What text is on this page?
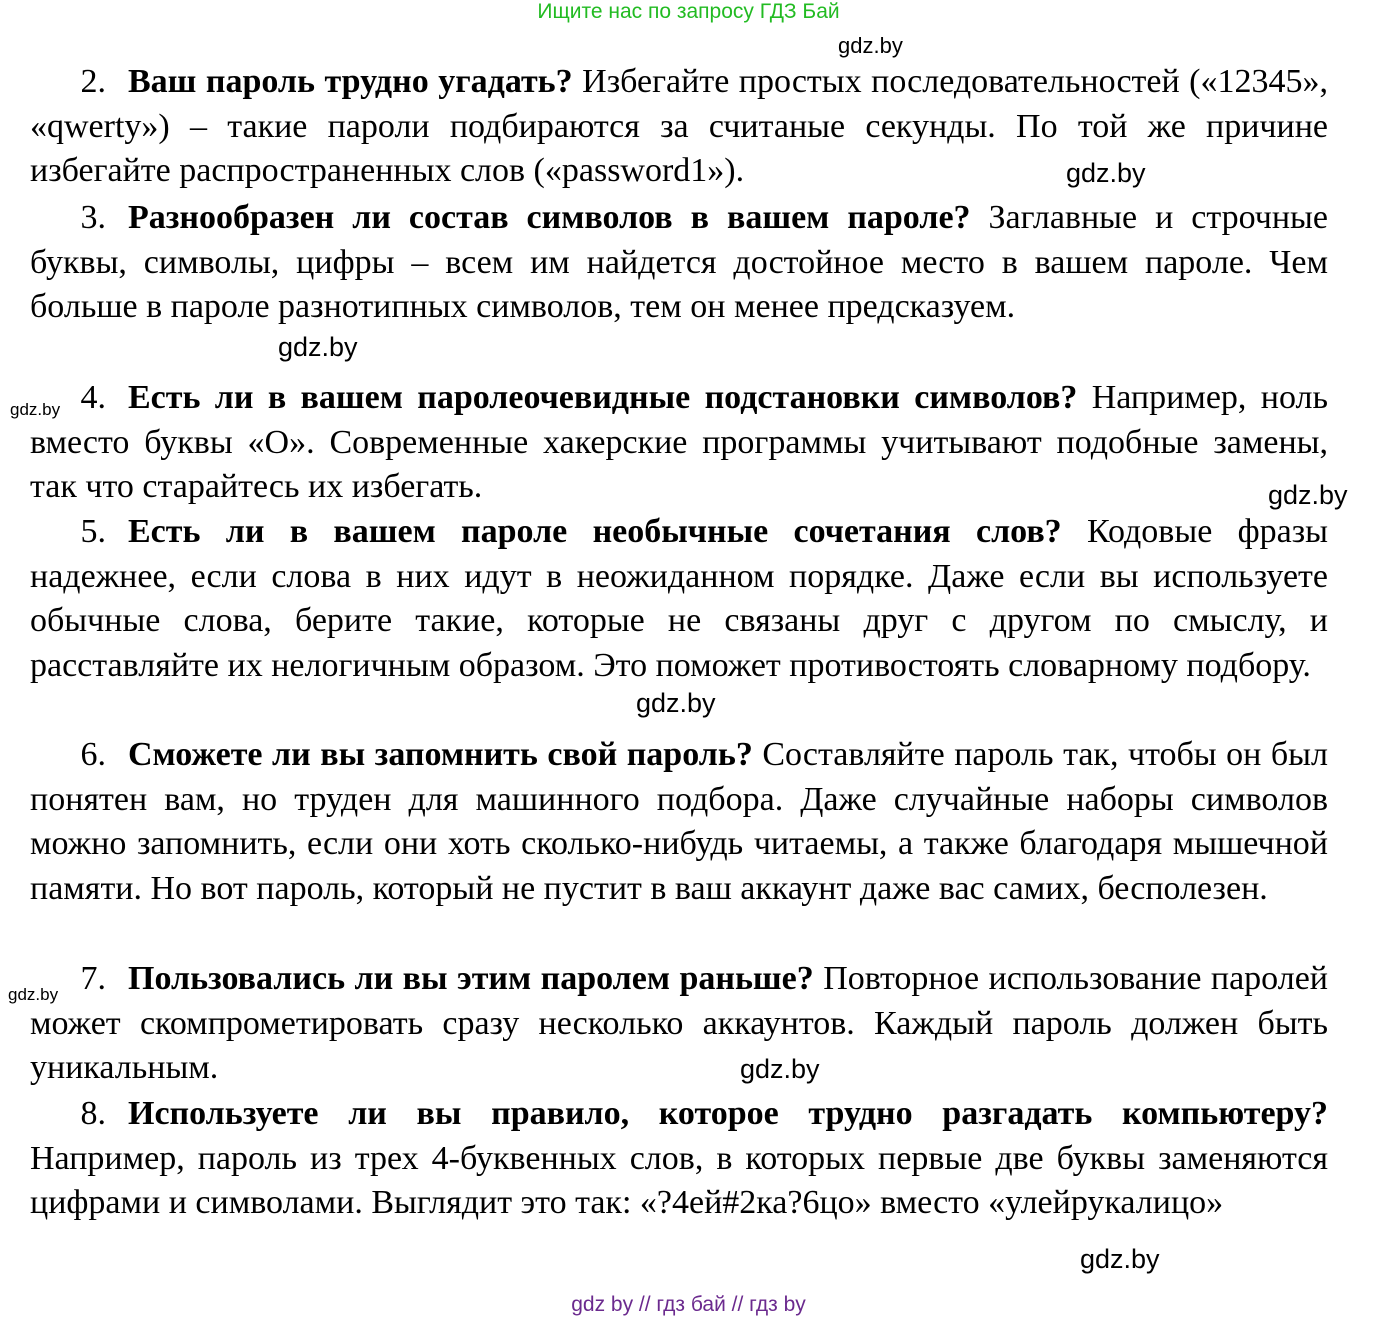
Ищите нас по запросу ГДЗ Бай
gdz.by
2. Ваш пароль трудно угадать? Избегайте простых последовательностей («12345», «qwerty») – такие пароли подбираются за считаные секунды. По той же причине избегайте распространенных слов («password1»).	gdz.by
3. Разнообразен ли состав символов в вашем пароле? Заглавные и строчные буквы, символы, цифры – всем им найдется достойное место в вашем пароле. Чем больше в пароле разнотипных символов, тем он менее предсказуем.
gdz.by
gdz.by 4. Есть ли в вашем паролеочевидные подстановки символов? Например, ноль вместо буквы «О». Современные хакерские программы учитывают подобные замены, так что старайтесь их избегать.	gdz.by
5. Есть ли в вашем пароле необычные сочетания слов? Кодовые фразы надежнее, если слова в них идут в неожиданном порядке. Даже если вы используете обычные слова, берите такие, которые не связаны друг с другом по смыслу, и расставляйте их нелогичным образом. Это поможет противостоять словарному подбору.
gdz.by
6. Сможете ли вы запомнить свой пароль? Составляйте пароль так, чтобы он был понятен вам, но труден для машинного подбора. Даже случайные наборы символов можно запомнить, если они хоть сколько-нибудь читаемы, а также благодаря мышечной памяти. Но вот пароль, который не пустит в ваш аккаунт даже вас самих, бесполезен.
gdz.by 7. Пользовались ли вы этим паролем раньше? Повторное использование паролей может скомпрометировать сразу несколько аккаунтов. Каждый пароль должен быть уникальным.	gdz.by
8. Используете ли вы правило, которое трудно разгадать компьютеру? Например, пароль из трех 4-буквенных слов, в которых первые две буквы заменяются цифрами и символами. Выглядит это так: «?4ей#2ка?6цо» вместо «улейрукалицо»
gdz.by
gdz by // гдз бай // гдз by
